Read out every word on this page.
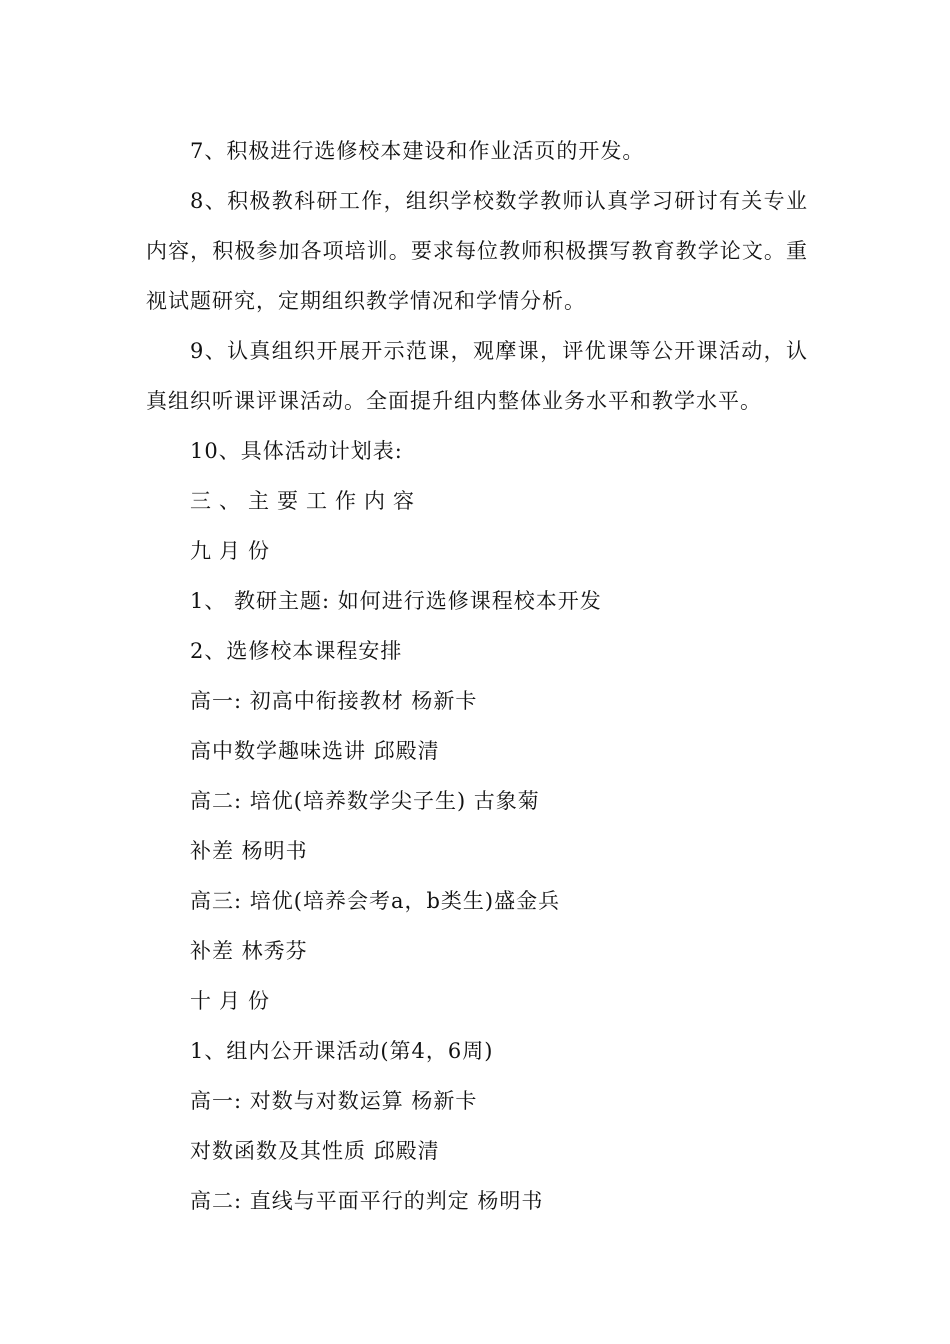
7、积极进行选修校本建设和作业活页的开发。

8、积极教科研工作，组织学校数学教师认真学习研讨有关专业内容，积极参加各项培训。要求每位教师积极撰写教育教学论文。重视试题研究，定期组织教学情况和学情分析。

9、认真组织开展开示范课，观摩课，评优课等公开课活动，认真组织听课评课活动。全面提升组内整体业务水平和教学水平。

10、具体活动计划表:

三、主要工作内容

九月份

1、 教研主题: 如何进行选修课程校本开发

2、选修校本课程安排

高一: 初高中衔接教材 杨新卡

高中数学趣味选讲 邱殿清

高二: 培优(培养数学尖子生) 古象菊

补差 杨明书

高三: 培优(培养会考a，b类生)盛金兵

补差 林秀芬

十月份

1、组内公开课活动(第4，6周)

高一: 对数与对数运算 杨新卡

对数函数及其性质 邱殿清

高二: 直线与平面平行的判定 杨明书
